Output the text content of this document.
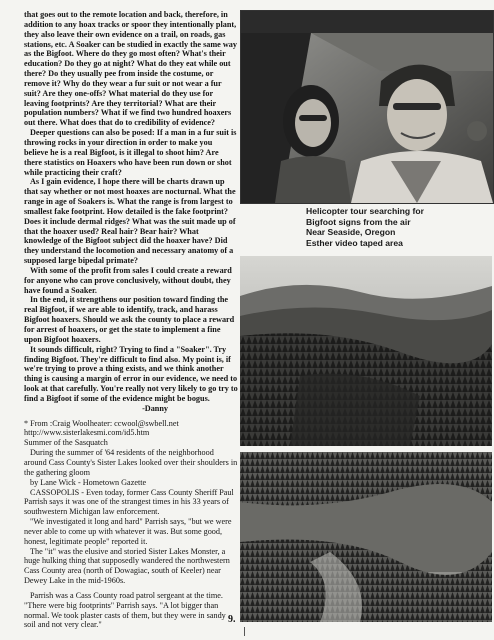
that goes out to the remote location and back, therefore, in addition to any hoax tracks or spoor they intentionally plant, they also leave their own evidence on a trail, on roads, gas stations, etc. A Soaker can be studied in exactly the same way as the Bigfoot. Where do they go most often? What's their education? Do they go at night? What do they eat while out there? Do they usually pee from inside the costume, or remove it? Why do they wear a fur suit or not wear a fur suit? Are they one-offs? What material do they use for leaving footprints? Are they territorial? What are their population numbers? What if we find two hundred hoaxers out there. What does that do to credibility of evidence?

Deeper questions can also be posed: If a man in a fur suit is throwing rocks in your direction in order to make you believe he is a real Bigfoot, is it illegal to shoot him? Are there statistics on Hoaxers who have been run down or shot while practicing their craft?

As I gain evidence, I hope there will be charts drawn up that say whether or not most hoaxes are nocturnal. What the range in age of Soakers is. What the range is from largest to smallest fake footprint. How detailed is the fake footprint? Does it include dermal ridges? What was the suit made up of that the hoaxer used? Real hair? Bear hair? What knowledge of the Bigfoot subject did the hoaxer have? Did they understand the locomotion and necessary anatomy of a supposed large bipedal primate?

With some of the profit from sales I could create a reward for anyone who can prove conclusively, without doubt, they have found a Soaker.

In the end, it strengthens our position toward finding the real Bigfoot, if we are able to identify, track, and harass Bigfoot hoaxers. Should we ask the county to place a reward for arrest of hoaxers, or get the state to implement a fine upon Bigfoot hoaxers.

It sounds difficult, right? Trying to find a "Soaker". Try finding Bigfoot. They're difficult to find also. My point is, if we're trying to prove a thing exists, and we think another thing is causing a margin of error in our evidence, we need to look at that carefully. You're really not very likely to go try to find a Bigfoot if some of the evidence might be bogus.

-Danny

* From :Craig Woolheater: ccwool@swbell.net

http://www.sisterlakesmi.com/id5.htm

Summer of the Sasquatch

During the summer of '64 residents of the neighborhood around Cass County's Sister Lakes looked over their shoulders in the gathering gloom

by Lane Wick - Hometown Gazette

CASSOPOLIS - Even today, former Cass County Sheriff Paul Parrish says it was one of the strangest times in his 33 years of southwestern Michigan law enforcement.

"We investigated it long and hard" Parrish says, "but we were never able to come up with whatever it was. But some good, honest, legitimate people" reported it.

The "it" was the elusive and storied Sister Lakes Monster, a huge hulking thing that supposedly wandered the northwestern Cass County area (north of Dowagiac, south of Keeler) near Dewey Lake in the mid-1960s.

Parrish was a Cass County road patrol sergeant at the time. "There were big footprints" Parrish says. "A lot bigger than normal. We took plaster casts of them, but they were in sandy soil and not very clear."

Helicopter tour searching for
Bigfoot signs from the air
Near Seaside, Oregon
Esther video taped area
9.
